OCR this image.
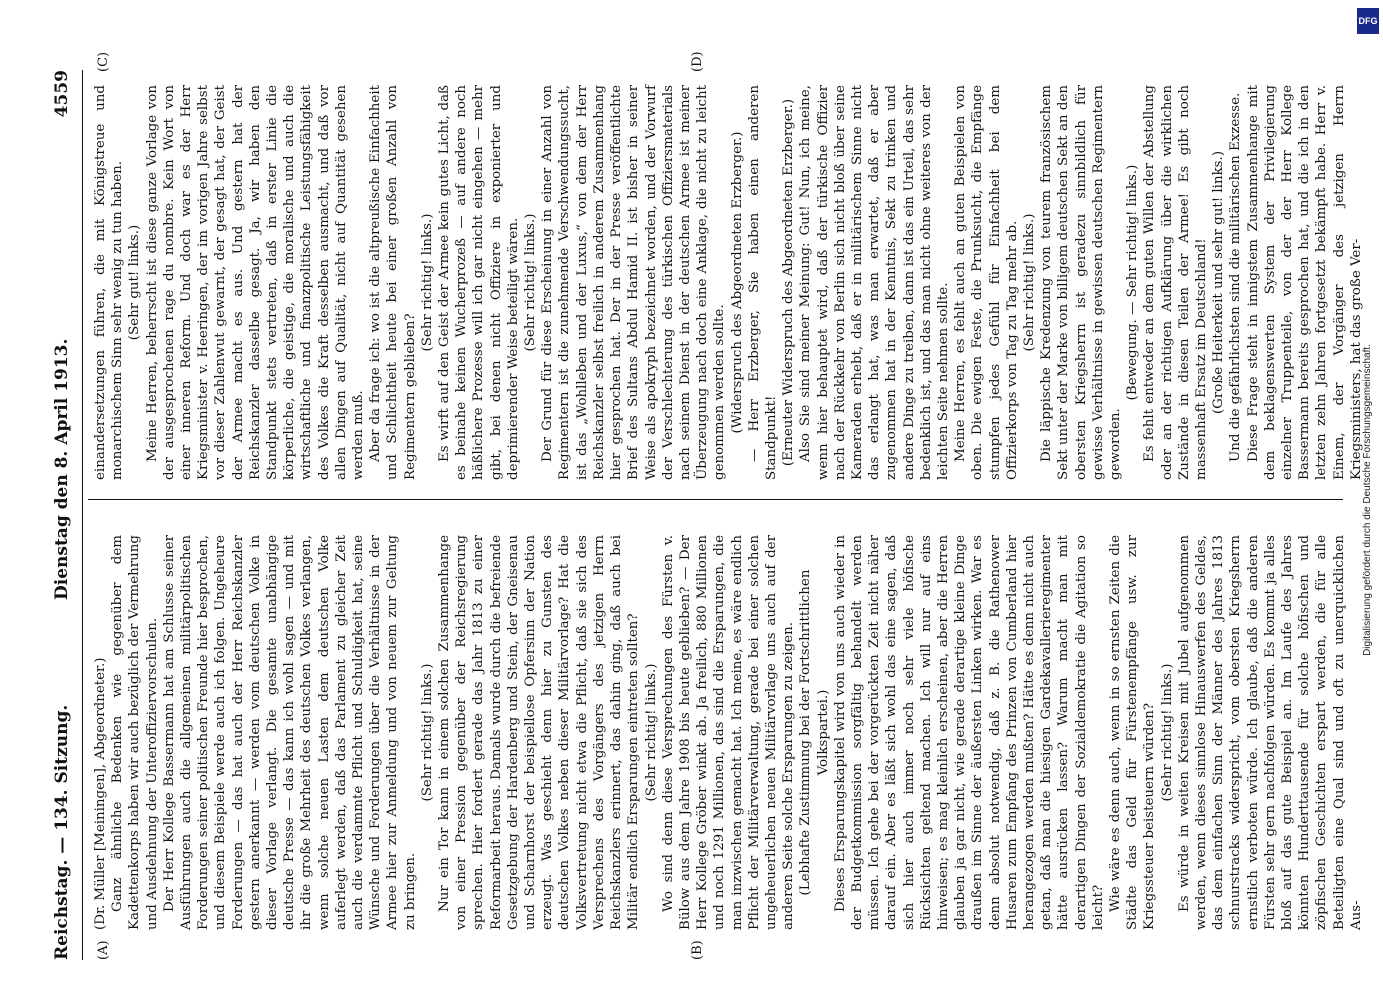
Reichstag. — 134. Sitzung.
Dienstag den 8. April 1913.
4559
(A)	(B)
(C)	(D)

(Dr. Müller [Meiningen], Abgeordneter.) Ganz ähnliche Bedenken wie gegenüber dem Kadettenkorps haben wir auch bezüglich der Vermehrung und Ausdehnung der Unteroffiziervorschulen. Der Herr Kollege Bassermann hat am Schlusse seiner Ausführungen auch die allgemeinen militärpolitischen Forderungen seiner politischen Freunde hier besprochen, und diesem Beispiele werde auch ich folgen. Ungeheure Forderungen — das hat auch der Herr Reichskanzler gestern anerkannt — werden vom deutschen Volke in dieser Vorlage verlangt. Die gesamte unabhängige deutsche Presse — das kann ich wohl sagen — und mit ihr die große Mehrheit des deutschen Volkes verlangen, wenn solche neuen Lasten dem deutschen Volke auferlegt werden, daß das Parlament zu gleicher Zeit auch die verdammte Pflicht und Schuldigkeit hat, seine Wünsche und Forderungen über die Verhältnisse in der Armee hier zur Anmeldung und von neuem zur Geltung zu bringen.

(Sehr richtig! links.) Nur ein Tor kann in einem solchen Zusammenhange von einer Pression gegenüber der Reichsregierung sprechen. Hier fordert gerade das Jahr 1813 zu einer Reformarbeit heraus. Damals wurde durch die befreiende Gesetzgebung der Hardenberg und Stein, der Gneisenau und Scharnhorst der beispiellose Opfersinn der Nation erzeugt. Was geschieht denn hier zu Gunsten des deutschen Volkes neben dieser Militärvorlage? Hat die Volksvertretung nicht etwa die Pflicht, daß sie sich des Versprechens des Vorgängers des jetzigen Herrn Reichskanzlers erinnert, das dahin ging, daß auch bei Militär endlich Ersparungen eintreten sollten? (Sehr richtig! links.) Wo sind denn diese Versprechungen des Fürsten v. Bülow aus dem Jahre 1908 bis heute geblieben? — Der Herr Kollege Gröber winkt ab. Ja freilich, 880 Millionen und noch 1291 Millionen, das sind die Ersparungen, die man inzwischen gemacht hat. Ich meine, es wäre endlich Pflicht der Militärverwaltung, gerade bei einer solchen ungeheuerlichen neuen Militärvorlage uns auch auf der anderen Seite solche Ersparungen zu zeigen. (Lebhafte Zustimmung bei der Fortschrittlichen Volkspartei.) Dieses Ersparungskapitel wird von uns auch wieder in der Budgetkommission sorgfältig behandelt werden müssen. Ich gehe bei der vorgerückten Zeit nicht näher darauf ein. Aber es läßt sich wohl das eine sagen, daß sich hier auch immer noch sehr viele höfische Rücksichten geltend machen. Ich will nur auf eins hinweisen; es mag kleinlich erscheinen, aber die Herren glauben ja gar nicht, wie gerade derartige kleine Dinge draußen im Sinne der äußersten Linken wirken. War es denn absolut notwendig, daß z. B. die Rathenower Husaren zum Empfang des Prinzen von Cumberland hier herangezogen werden mußten? Hätte es denn nicht auch getan, daß man die hiesigen Gardekavallerieregimenter hätte ausrücken lassen? Warum macht man mit derartigen Dingen der Sozialdemokratie die Agitation so leicht? Wie wäre es denn auch, wenn in so ernsten Zeiten die Städte das Geld für Fürstenempfänge usw. zur Kriegssteuer beisteuern würden? (Sehr richtig! links.) Es würde in weiten Kreisen mit Jubel aufgenommen werden, wenn dieses sinnlose Hinauswerfen des Geldes, das dem einfachen Sinn der Männer des Jahres 1813 schnurstracks widerspricht, vom obersten Kriegsherrn ernstlich verboten würde. Ich glaube, daß die anderen Fürsten sehr gern nachfolgen würden. Es kommt ja alles bloß auf das gute Beispiel an. Im Laufe des Jahres könnten Hunderttausende für solche höfischen und zöpfischen Geschichten erspart werden, die für alle Beteiligten eine Qual sind und oft zu unerquicklichen Aus-

einandersetzungen führen, die mit Königstreue und monarchischem Sinn sehr wenig zu tun haben. (Sehr gut! links.) Meine Herren, beherrscht ist diese ganze Vorlage von der ausgesprochenen rage du nombre. Kein Wort von einer inneren Reform. Und doch war es der Herr Kriegsminister v. Heeringen, der im vorigen Jahre selbst vor dieser Zahlenwut gewarnt, der gesagt hat, der Geist der Armee macht es aus. Und gestern hat der Reichskanzler dasselbe gesagt. Ja, wir haben den Standpunkt stets vertreten, daß in erster Linie die körperliche, die geistige, die moralische und auch die wirtschaftliche und finanzpolitische Leistungsfähigkeit des Volkes die Kraft desselben ausmacht, und daß vor allen Dingen auf Qualität, nicht auf Quantität gesehen werden muß. Aber da frage ich: wo ist die altpreußische Einfachheit und Schlichtheit heute bei einer großen Anzahl von Regimentern geblieben?

(Sehr richtig! links.) Es wirft auf den Geist der Armee kein gutes Licht, daß es beinahe keinen Wucherprozeß — auf andere noch häßlichere Prozesse will ich gar nicht eingehen — mehr gibt, bei denen nicht Offiziere in exponierter und deprimierender Weise beteiligt wären. (Sehr richtig! links.) Der Grund für diese Erscheinung in einer Anzahl von Regimentern ist die zunehmende Verschwendungssucht, ist das „Wohlleben und der Luxus,“ von dem der Herr Reichskanzler selbst freilich in anderem Zusammenhang hier gesprochen hat. Der in der Presse veröffentlichte Brief des Sultans Abdul Hamid II. ist bisher in seiner Weise als apokryph bezeichnet worden, und der Vorwurf der Verschlechterung des türkischen Offiziersmaterials nach seinem Dienst in der deutschen Armee ist meiner Überzeugung nach doch eine Anklage, die nicht zu leicht genommen werden sollte. (Widerspruch des Abgeordneten Erzberger.) — Herr Erzberger, Sie haben einen anderen Standpunkt! (Erneuter Widerspruch des Abgeordneten Erzberger.) Also Sie sind meiner Meinung: Gut! Nun, ich meine, wenn hier behauptet wird, daß der türkische Offizier nach der Rückkehr von Berlin sich nicht bloß über seine Kameraden erhebt, daß er in militärischem Sinne nicht das erlangt hat, was man erwartet, daß er aber zugenommen hat in der Kenntnis, Sekt zu trinken und andere Dinge zu treiben, dann ist das ein Urteil, das sehr bedenklich ist, und das man nicht ohne weiteres von der leichten Seite nehmen sollte. Meine Herren, es fehlt auch an guten Beispielen von oben. Die ewigen Feste, die Prunksucht, die Empfänge stumpfen jedes Gefühl für Einfachheit bei dem Offizierkorps von Tag zu Tag mehr ab. (Sehr richtig! links.) Die läppische Kredenzung von teurem französischem Sekt unter der Marke von billigem deutschen Sekt an den obersten Kriegsherrn ist geradezu sinnbildlich für gewisse Verhältnisse in gewissen deutschen Regimentern geworden.

(Bewegung. — Sehr richtig! links.) Es fehlt entweder an dem guten Willen der Abstellung oder an der richtigen Aufklärung über die wirklichen Zustände in diesen Teilen der Armee! Es gibt noch massenhaft Ersatz im Deutschland! (Große Heiterkeit und sehr gut! links.) Und die gefährlichsten sind die militärischen Exzesse. Diese Frage steht in innigstem Zusammenhange mit dem beklagenswerten System der Privilegierung einzelner Truppenteile, von der der Herr Kollege Bassermann bereits gesprochen hat, und die ich in den letzten zehn Jahren fortgesetzt bekämpft habe. Herr v. Einem, der Vorgänger des jetzigen Herrn Kriegsministers, hat das große Ver-

Digitalisierung gefördert durch die Deutsche Forschungsgemeinschaft.
DFG
